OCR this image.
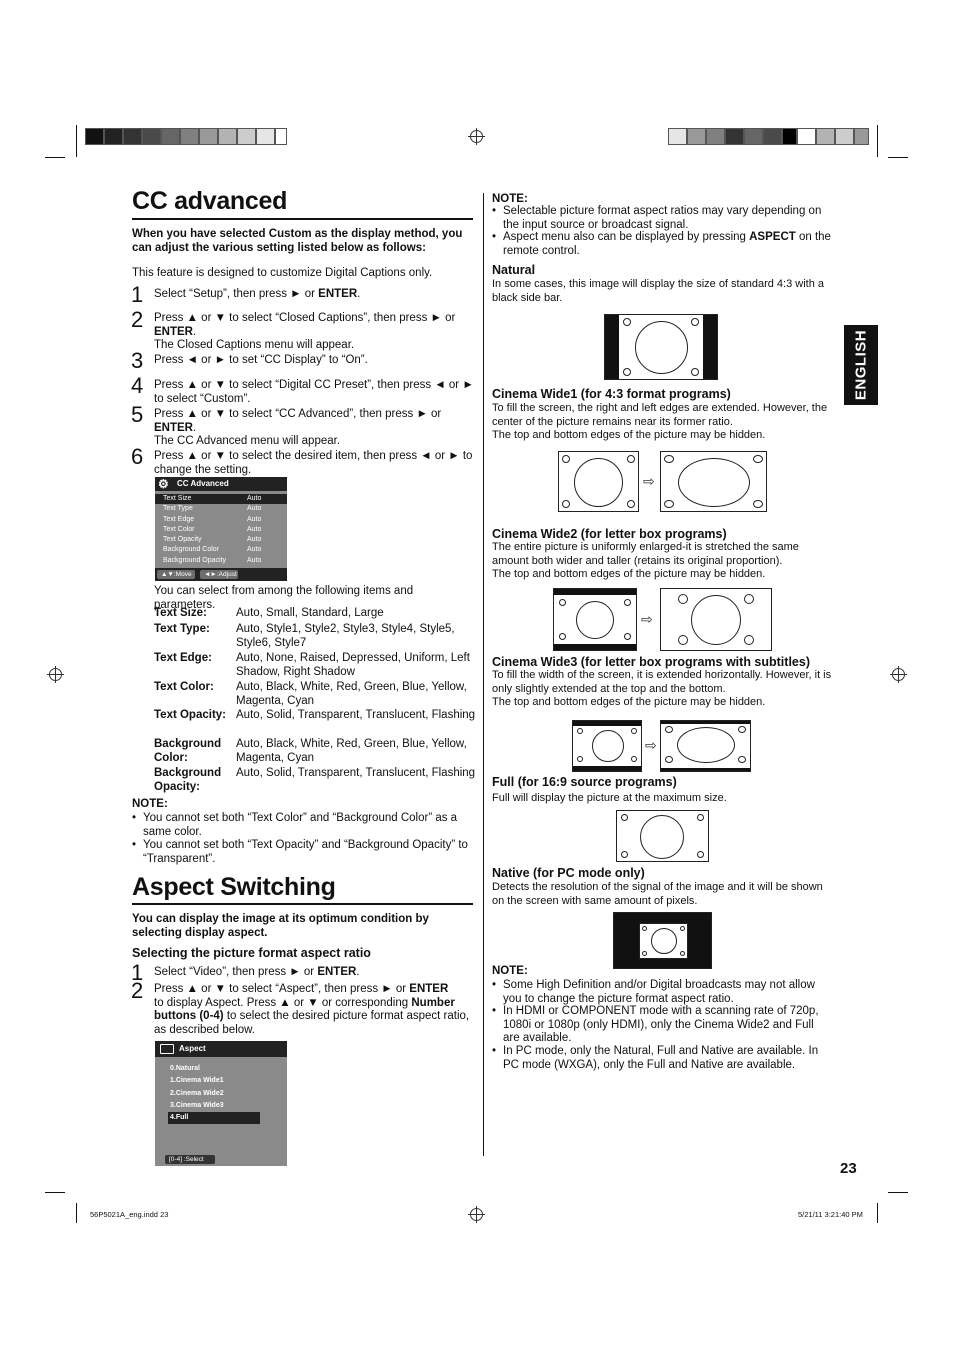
CC advanced
When you have selected Custom as the display method, you can adjust the various setting listed below as follows:
This feature is designed to customize Digital Captions only.
1 Select “Setup”, then press ► or ENTER.
2 Press ▲ or ▼ to select “Closed Captions”, then press ► or ENTER.
The Closed Captions menu will appear.
3 Press ◄ or ► to set “CC Display” to “On”.
4 Press ▲ or ▼ to select “Digital CC Preset”, then press ◄ or ► to select “Custom”.
5 Press ▲ or ▼ to select “CC Advanced”, then press ► or ENTER.
The CC Advanced menu will appear.
6 Press ▲ or ▼ to select the desired item, then press ◄ or ► to change the setting.
⚙ CC Advanced
Text Size	Auto
Text Type	Auto
Text Edge	Auto
Text Color	Auto
Text Opacity	Auto
Background Color	Auto
Background Opacity	Auto
▲▼:Move	◄►:Adjust
You can select from among the following items and parameters.
Text Size:	Auto, Small, Standard, Large
Text Type: Auto, Style1, Style2, Style3, Style4, Style5, Style6, Style7
Text Edge: Auto, None, Raised, Depressed, Uniform, Left Shadow, Right Shadow
Text Color: Auto, Black, White, Red, Green, Blue, Yellow, Magenta, Cyan
Text Opacity: Auto, Solid, Transparent, Translucent, Flashing
Background Color:
Auto, Black, White, Red, Green, Blue, Yellow, Magenta, Cyan
Background Opacity:
Auto, Solid, Transparent, Translucent, Flashing
NOTE:
• You cannot set both “Text Color” and “Background Color” as a same color.
• You cannot set both “Text Opacity” and “Background Opacity” to “Transparent”.
Aspect Switching
You can display the image at its optimum condition by selecting display aspect.
Selecting the picture format aspect ratio
1 Select “Video”, then press ► or ENTER.
2 Press ▲ or ▼ to select “Aspect”, then press ► or ENTER
to display Aspect. Press ▲ or ▼ or corresponding Number buttons (0-4) to select the desired picture format aspect ratio, as described below.
Aspect
0.Natural
1.Cinema Wide1
2.Cinema Wide2
3.Cinema Wide3
4.Full
[0-4] :Select
NOTE:
• Selectable picture format aspect ratios may vary depending on the input source or broadcast signal.
• Aspect menu also can be displayed by pressing ASPECT on the remote control.
Natural
In some cases, this image will display the size of standard 4:3 with a black side bar.
Cinema Wide1 (for 4:3 format programs)
To fill the screen, the right and left edges are extended. However, the center of the picture remains near its former ratio.
The top and bottom edges of the picture may be hidden.
⇨
Cinema Wide2 (for letter box programs)
The entire picture is uniformly enlarged-it is stretched the same amount both wider and taller (retains its original proportion).
The top and bottom edges of the picture may be hidden.
⇨
Cinema Wide3 (for letter box programs with subtitles)
To fill the width of the screen, it is extended horizontally. However, it is only slightly extended at the top and the bottom.
The top and bottom edges of the picture may be hidden.
⇨
Full (for 16:9 source programs)
Full will display the picture at the maximum size.
Native (for PC mode only)
Detects the resolution of the signal of the image and it will be shown on the screen with same amount of pixels.
NOTE:
• Some High Definition and/or Digital broadcasts may not allow you to change the picture format aspect ratio.
• In HDMI or COMPONENT mode with a scanning rate of 720p, 1080i or 1080p (only HDMI), only the Cinema Wide2 and Full are available.
• In PC mode, only the Natural, Full and Native are available. In PC mode (WXGA), only the Full and Native are available.
ENGLISH
23
56P5021A_eng.indd 23	5/21/11 3:21:40 PM
